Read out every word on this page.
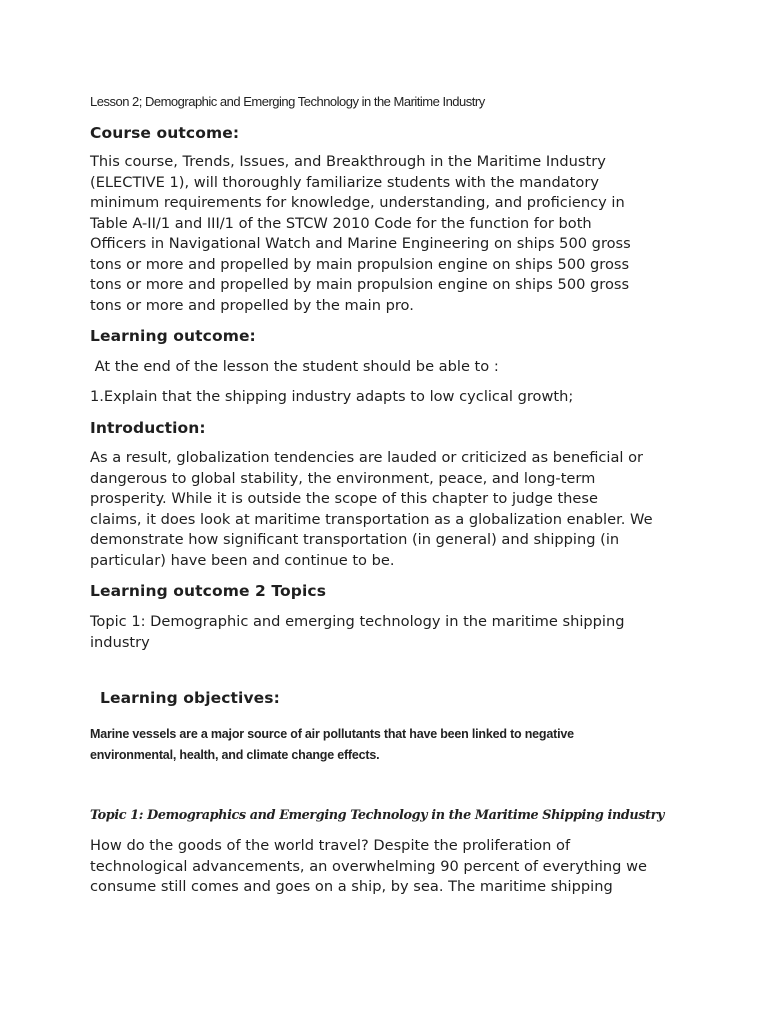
Lesson 2; Demographic and Emerging Technology in the Maritime Industry

Course outcome:

This course, Trends, Issues, and Breakthrough in the Maritime Industry
(ELECTIVE 1), will thoroughly familiarize students with the mandatory
minimum requirements for knowledge, understanding, and proficiency in
Table A-II/1 and III/1 of the STCW 2010 Code for the function for both
Officers in Navigational Watch and Marine Engineering on ships 500 gross
tons or more and propelled by main propulsion engine on ships 500 gross
tons or more and propelled by main propulsion engine on ships 500 gross
tons or more and propelled by the main pro.

Learning outcome:

At the end of the lesson the student should be able to :

1.Explain that the shipping industry adapts to low cyclical growth;

Introduction:

As a result, globalization tendencies are lauded or criticized as beneficial or
dangerous to global stability, the environment, peace, and long-term
prosperity. While it is outside the scope of this chapter to judge these
claims, it does look at maritime transportation as a globalization enabler. We
demonstrate how significant transportation (in general) and shipping (in
particular) have been and continue to be.

Learning outcome 2 Topics

Topic 1: Demographic and emerging technology in the maritime shipping
industry

Learning objectives:

Marine vessels are a major source of air pollutants that have been linked to negative
environmental, health, and climate change effects.

Topic 1: Demographics and Emerging Technology in the Maritime Shipping industry

How do the goods of the world travel? Despite the proliferation of
technological advancements, an overwhelming 90 percent of everything we
consume still comes and goes on a ship, by sea. The maritime shipping
